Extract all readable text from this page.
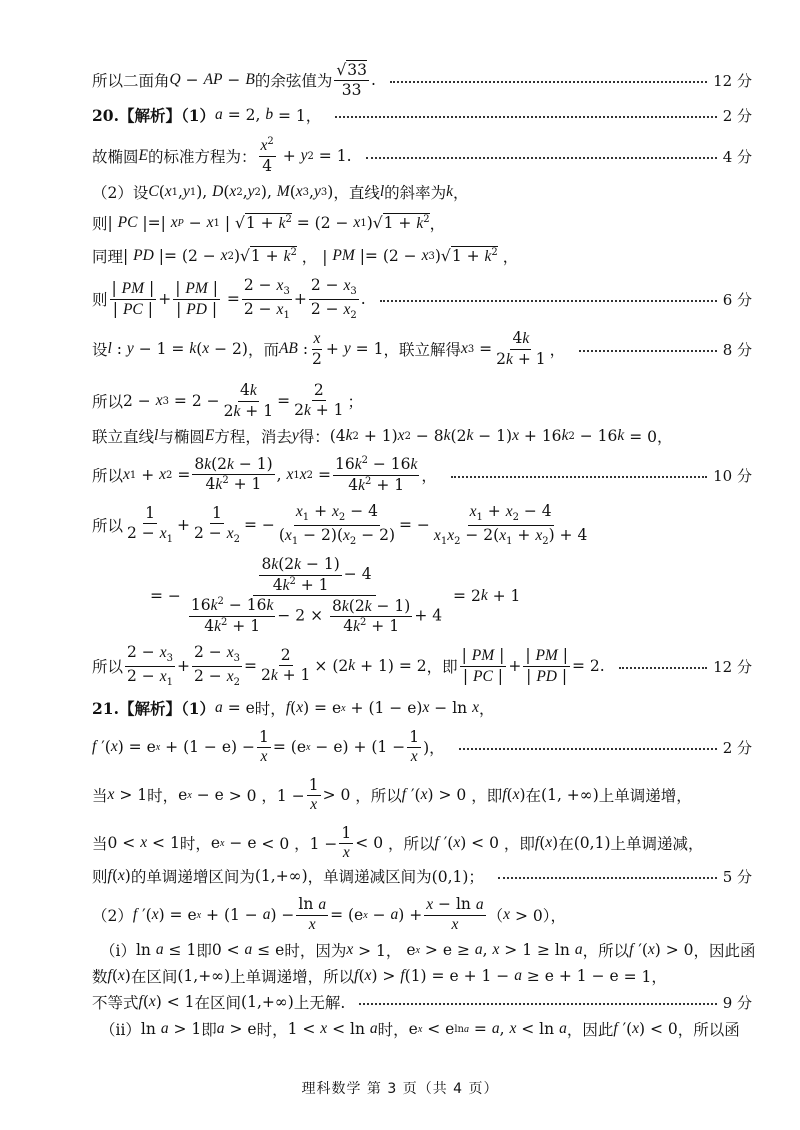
所以二面角 Q − AP − B 的余弦值为 $\frac{√33}{33}$ .	12 分
20.【解析】（1） a = 2, b = 1，	2 分
故椭圆 E 的标准方程为： $\frac{x^2}{4} + y$ 2 = 1.	4 分
（2）设 C ( x 1 , y 1 ), D ( x 2 , y 2 ), M ( x 3 , y 3 ) ，直线 l 的斜率为 k ，
则 | PC |=| x P − x 1 | √ $1 + k^2 = (2 - x$ 1 ) √ $1 + k^2$ ，
同理 | PD |= (2 − x 2 ) √ $1 + k^2$ ， | PM |= (2 − x 3 ) √ $1 + k^2$ ，
则 $\frac{| PM |}{| PC |} + \frac{| PM |}{| PD |} = \frac{2 - x_3}{2 - x_1} + \frac{2 - x_3}{2 - x_2}$ .	6 分
设 l : y − 1 = k ( x − 2) ，而 AB : $\frac{x}{2} + y = 1$ ，联立解得 x $3 = \frac{4k}{2k + 1}$ ，	8 分
所以 2 − x $3 = 2 - \frac{4k}{2k + 1} = \frac{2}{2k + 1}$ ；
联立直线 l 与椭圆 E 方程，消去 y 得： (4 k 2 + 1) x 2 − 8 k (2 k − 1) x + 16 k 2 − 16 k = 0，
所以 x 1 + x $2 = \frac{8k(2k - 1)}{4k^2 + 1}$ , x 1 x $2 = \frac{16k^2 - 16k}{4k^2 + 1}$ ，	10 分
所以 $\frac{1}{2 - x_1} + \frac{1}{2 - x_2}$ = − $\frac{x_1 + x_2 - 4}{(x_1 - 2)(x_2 - 2)}$ = − $\frac{x_1 + x_2 - 4}{x_1x_2 - 2(x_1 + x_2) + 4}$
= − $\frac{\frac{8k(2k - 1)}{4k^2 + 1} - 4}{\frac{16k^2 - 16k}{4k^2 + 1} - 2 \times \frac{8k(2k - 1)}{4k^2 + 1} + 4} = 2$ k + 1
所以 $\frac{2 - x_3}{2 - x_1} + \frac{2 - x_3}{2 - x_2} = \frac{2}{2k + 1} \times (2$ k + 1) = 2 ，即 $\frac{| PM |}{| PC |} + \frac{| PM |}{| PD |} = 2$.	12 分
21.【解析】（1） a = e 时， f ( x ) = e x + (1 − e ) x − ln
x ，
f ′( x ) = e x + (1 − e ) − $\frac{1}{x}$ = ( e x − e ) + ($1 - \frac{1}{x}$ )，	2 分
当 x > 1 时， e x − e > 0 ，$1 - \frac{1}{x} > 0$ ，所以 f ′( x ) > 0 ，即 f ( x ) 在 (1, +∞) 上单调递增，
当 0 < x < 1 时， e x − e < 0 ，$1 - \frac{1}{x} < 0$ ，所以 f ′( x ) < 0 ，即 f ( x ) 在 (0,1) 上单调递减，
则 f ( x ) 的单调递增区间为 (1,+∞) ，单调递减区间为 (0,1)；	5 分
（2） f ′( x ) = e x + (1 − a ) − $\frac{\text{ln a}}{x}$ = ( e x − a ) + $\frac{\text{x − ln a}}{x}$ （ x > 0），
（i） ln
a ≤ 1 即 0 < a ≤ e 时，因为 x > 1， e x > e ≥ a , x > 1 ≥ ln
a ，所以 f ′( x ) > 0 ，因此函
数 f ( x ) 在区间 (1,+∞) 上单调递增，所以 f ( x ) > f (1) = e + 1 − a ≥ e + 1 − e = 1，
不等式 f ( x ) < 1 在区间 (1,+∞) 上无解.	9 分
（ii） ln
a > 1 即 a > e 时， 1 < x < ln
a 时， e x < e lna = a , x < ln
a ，因此 f ′( x ) < 0 ，所以函
理科数学 第 3 页（共 4 页）
